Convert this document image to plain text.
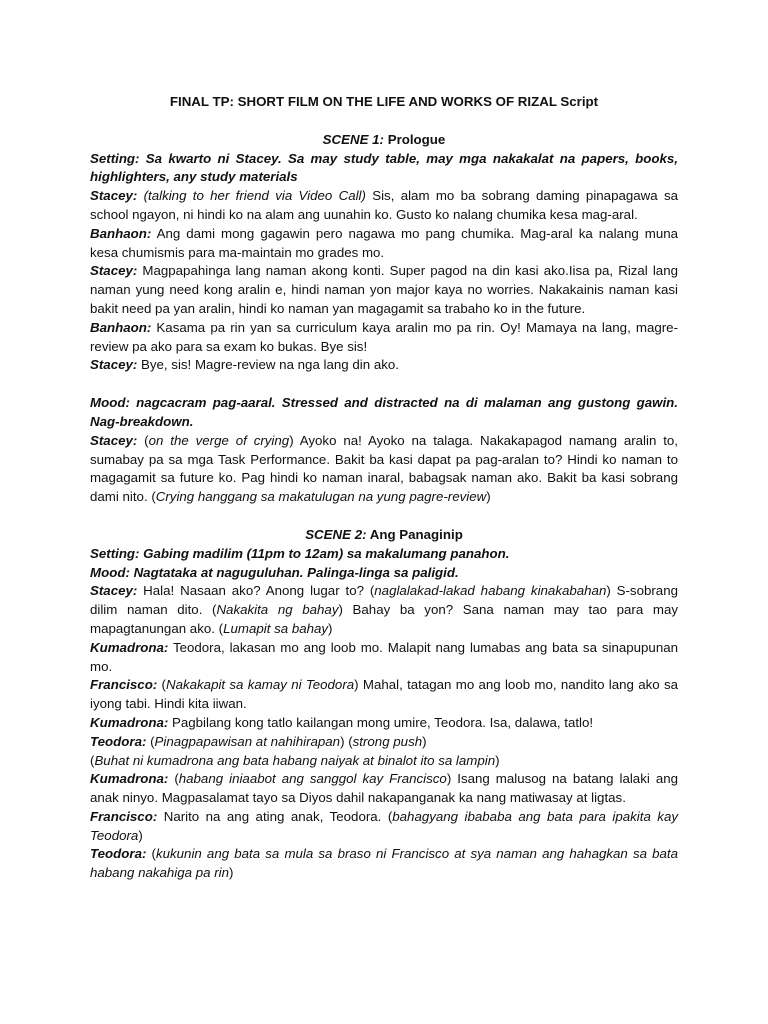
FINAL TP: SHORT FILM ON THE LIFE AND WORKS OF RIZAL Script

SCENE 1: Prologue

Setting: Sa kwarto ni Stacey. Sa may study table, may mga nakakalat na papers, books, highlighters, any study materials

Stacey: (talking to her friend via Video Call) Sis, alam mo ba sobrang daming pinapagawa sa school ngayon, ni hindi ko na alam ang uunahin ko. Gusto ko nalang chumika kesa mag-aral.

Banhaon: Ang dami mong gagawin pero nagawa mo pang chumika. Mag-aral ka nalang muna kesa chumismis para ma-maintain mo grades mo.

Stacey: Magpapahinga lang naman akong konti. Super pagod na din kasi ako.Iisa pa, Rizal lang naman yung need kong aralin e, hindi naman yon major kaya no worries. Nakakainis naman kasi bakit need pa yan aralin, hindi ko naman yan magagamit sa trabaho ko in the future.

Banhaon: Kasama pa rin yan sa curriculum kaya aralin mo pa rin. Oy! Mamaya na lang, magre-review pa ako para sa exam ko bukas. Bye sis!

Stacey: Bye, sis! Magre-review na nga lang din ako.

Mood: nagcacram pag-aaral. Stressed and distracted na di malaman ang gustong gawin. Nag-breakdown.

Stacey: (on the verge of crying) Ayoko na! Ayoko na talaga. Nakakapagod namang aralin to, sumabay pa sa mga Task Performance. Bakit ba kasi dapat pa pag-aralan to? Hindi ko naman to magagamit sa future ko. Pag hindi ko naman inaral, babagsak naman ako. Bakit ba kasi sobrang dami nito. (Crying hanggang sa makatulugan na yung pagre-review)

SCENE 2: Ang Panaginip

Setting: Gabing madilim (11pm to 12am) sa makalumang panahon.

Mood: Nagtataka at naguguluhan. Palinga-linga sa paligid.

Stacey: Hala! Nasaan ako? Anong lugar to? (naglalakad-lakad habang kinakabahan) S-sobrang dilim naman dito. (Nakakita ng bahay) Bahay ba yon? Sana naman may tao para may mapagtanungan ako. (Lumapit sa bahay)

Kumadrona: Teodora, lakasan mo ang loob mo. Malapit nang lumabas ang bata sa sinapupunan mo.

Francisco: (Nakakapit sa kamay ni Teodora) Mahal, tatagan mo ang loob mo, nandito lang ako sa iyong tabi. Hindi kita iiwan.

Kumadrona: Pagbilang kong tatlo kailangan mong umire, Teodora. Isa, dalawa, tatlo!

Teodora: (Pinagpapawisan at nahihirapan) (strong push)

(Buhat ni kumadrona ang bata habang naiyak at binalot ito sa lampin)

Kumadrona: (habang iniaabot ang sanggol kay Francisco) Isang malusog na batang lalaki ang anak ninyo. Magpasalamat tayo sa Diyos dahil nakapanganak ka nang matiwasay at ligtas.

Francisco: Narito na ang ating anak, Teodora. (bahagyang ibababa ang bata para ipakita kay Teodora)

Teodora: (kukunin ang bata sa mula sa braso ni Francisco at sya naman ang hahagkan sa bata habang nakahiga pa rin)
